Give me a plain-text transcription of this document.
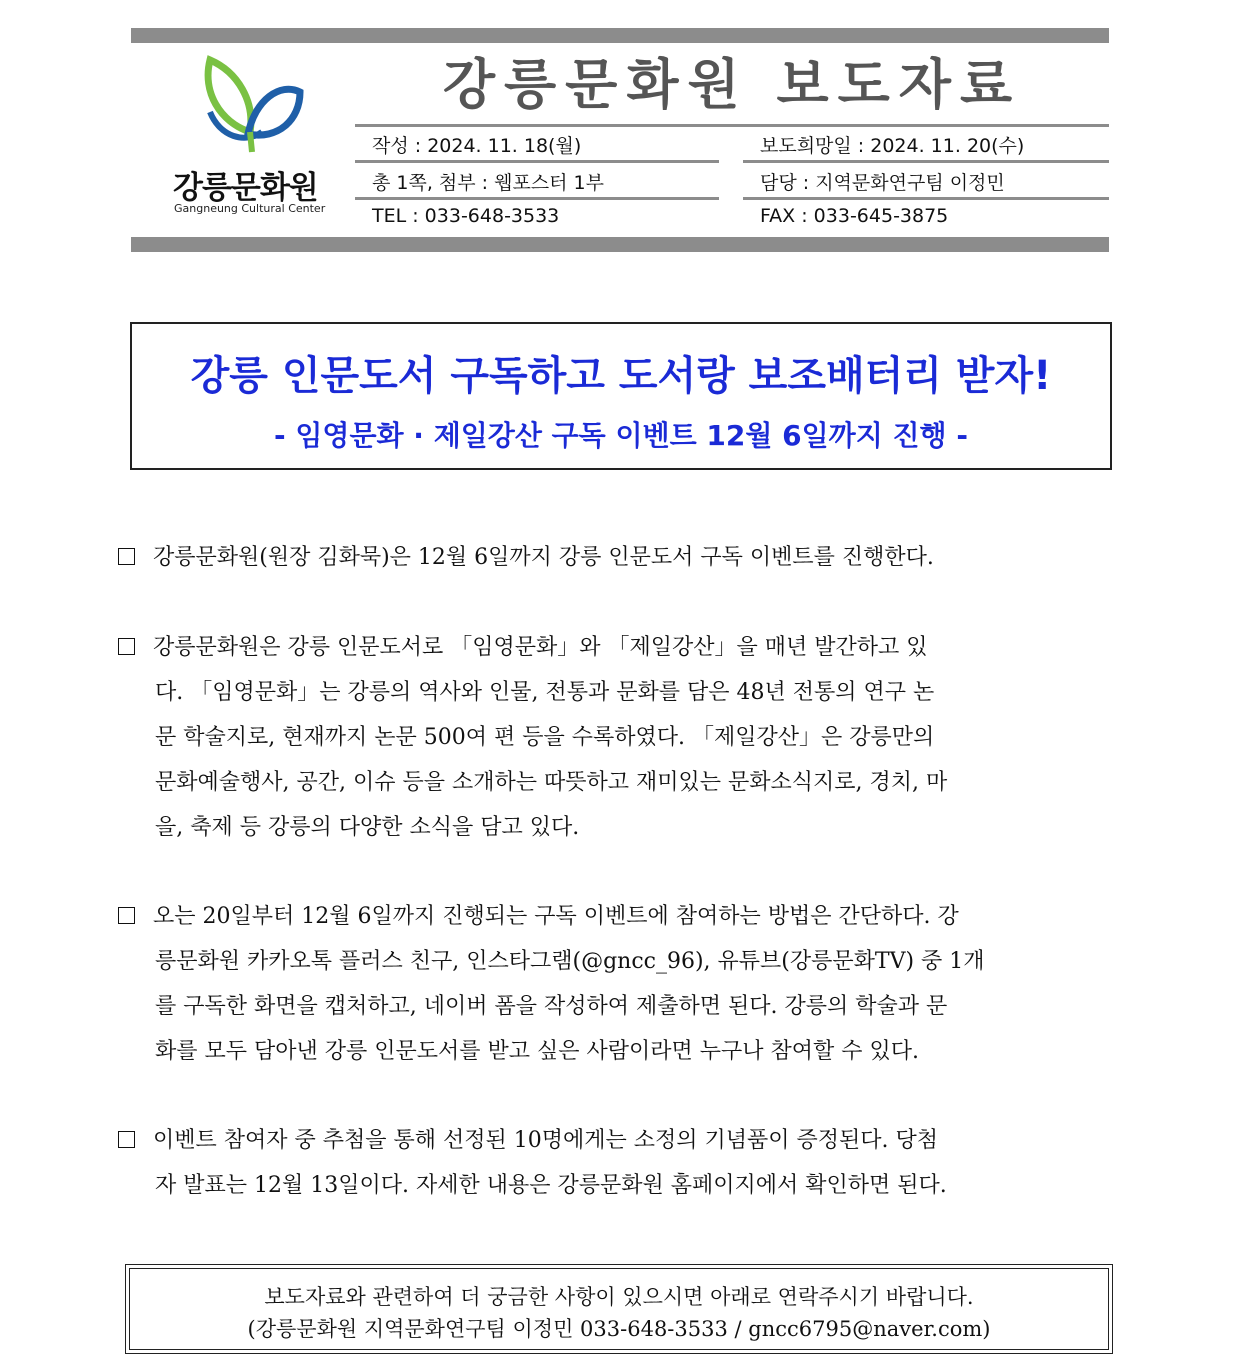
강릉문화원
Gangneung Cultural Center
강릉문화원 보도자료
작성 : 2024. 11. 18(월)	보도희망일 : 2024. 11. 20(수)
총 1쪽, 첨부 : 웹포스터 1부	담당 : 지역문화연구팀 이정민
TEL : 033-648-3533	FAX : 033-645-3875
강릉 인문도서 구독하고 도서랑 보조배터리 받자!
- 임영문화 · 제일강산 구독 이벤트 12월 6일까지 진행 -
강릉문화원(원장 김화묵)은 12월 6일까지 강릉 인문도서 구독 이벤트를 진행한다.
강릉문화원은 강릉 인문도서로 「임영문화」와 「제일강산」을 매년 발간하고 있
다. 「임영문화」는 강릉의 역사와 인물, 전통과 문화를 담은 48년 전통의 연구 논
문 학술지로, 현재까지 논문 500여 편 등을 수록하였다. 「제일강산」은 강릉만의
문화예술행사, 공간, 이슈 등을 소개하는 따뜻하고 재미있는 문화소식지로, 경치, 마
을, 축제 등 강릉의 다양한 소식을 담고 있다.
오는 20일부터 12월 6일까지 진행되는 구독 이벤트에 참여하는 방법은 간단하다. 강
릉문화원 카카오톡 플러스 친구, 인스타그램(@gncc_96), 유튜브(강릉문화TV) 중 1개
를 구독한 화면을 캡처하고, 네이버 폼을 작성하여 제출하면 된다. 강릉의 학술과 문
화를 모두 담아낸 강릉 인문도서를 받고 싶은 사람이라면 누구나 참여할 수 있다.
이벤트 참여자 중 추첨을 통해 선정된 10명에게는 소정의 기념품이 증정된다. 당첨
자 발표는 12월 13일이다. 자세한 내용은 강릉문화원 홈페이지에서 확인하면 된다.
보도자료와 관련하여 더 궁금한 사항이 있으시면 아래로 연락주시기 바랍니다.
(강릉문화원 지역문화연구팀 이정민 033-648-3533 / gncc6795@naver.com)
